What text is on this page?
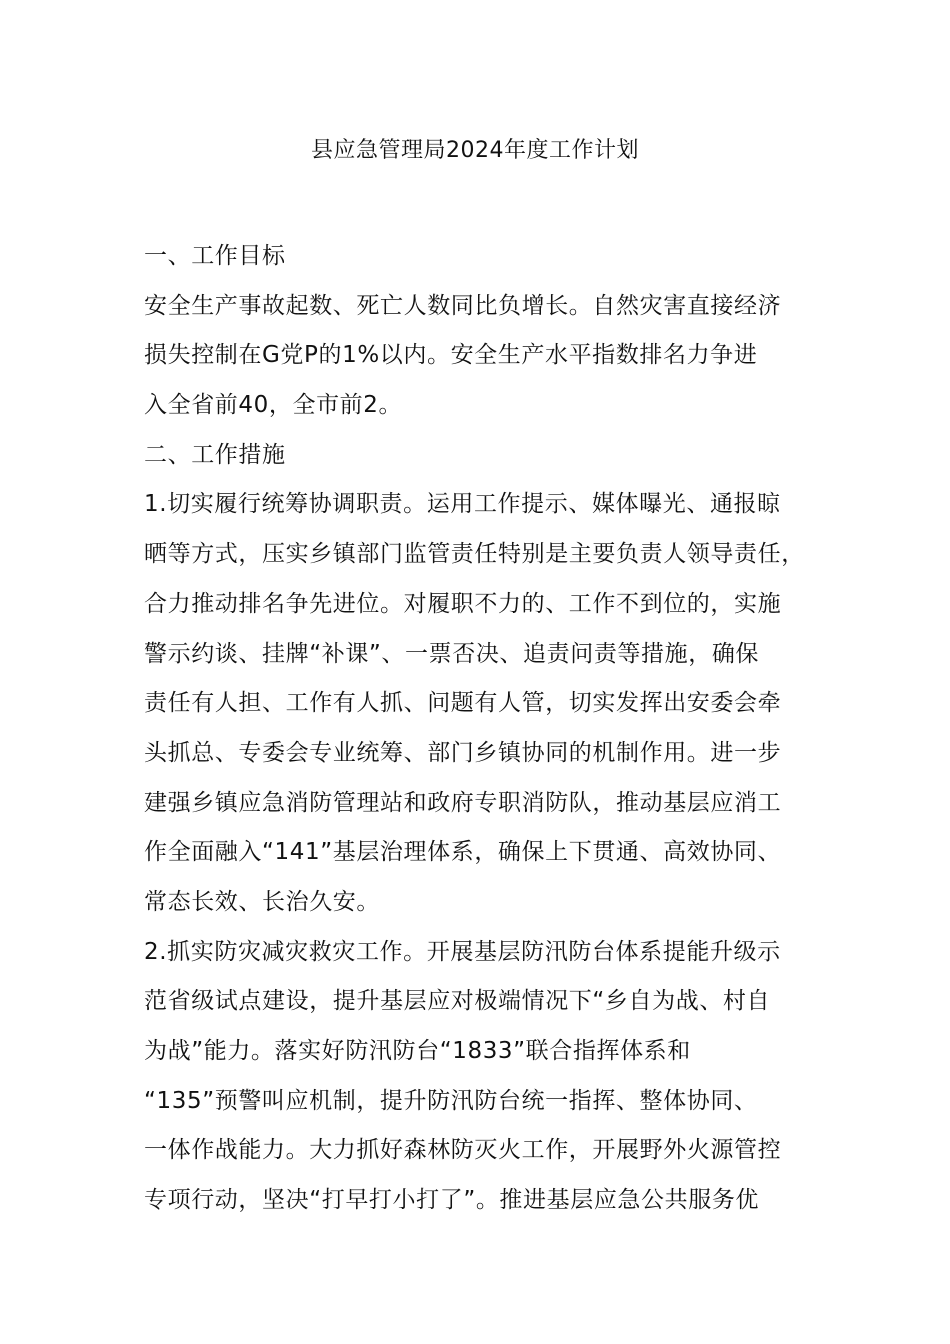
县应急管理局2024年度工作计划
一、工作目标
安全生产事故起数、死亡人数同比负增长。自然灾害直接经济
损失控制在G党P的1%以内。安全生产水平指数排名力争进
入全省前40，全市前2。
二、工作措施
1.切实履行统筹协调职责。运用工作提示、媒体曝光、通报晾
晒等方式，压实乡镇部门监管责任特别是主要负责人领导责任，
合力推动排名争先进位。对履职不力的、工作不到位的，实施
警示约谈、挂牌“补课”、一票否决、追责问责等措施，确保
责任有人担、工作有人抓、问题有人管，切实发挥出安委会牵
头抓总、专委会专业统筹、部门乡镇协同的机制作用。进一步
建强乡镇应急消防管理站和政府专职消防队，推动基层应消工
作全面融入“141”基层治理体系，确保上下贯通、高效协同、
常态长效、长治久安。
2.抓实防灾减灾救灾工作。开展基层防汛防台体系提能升级示
范省级试点建设，提升基层应对极端情况下“乡自为战、村自
为战”能力。落实好防汛防台“1833”联合指挥体系和
“135”预警叫应机制，提升防汛防台统一指挥、整体协同、
一体作战能力。大力抓好森林防灭火工作，开展野外火源管控
专项行动，坚决“打早打小打了”。推进基层应急公共服务优
